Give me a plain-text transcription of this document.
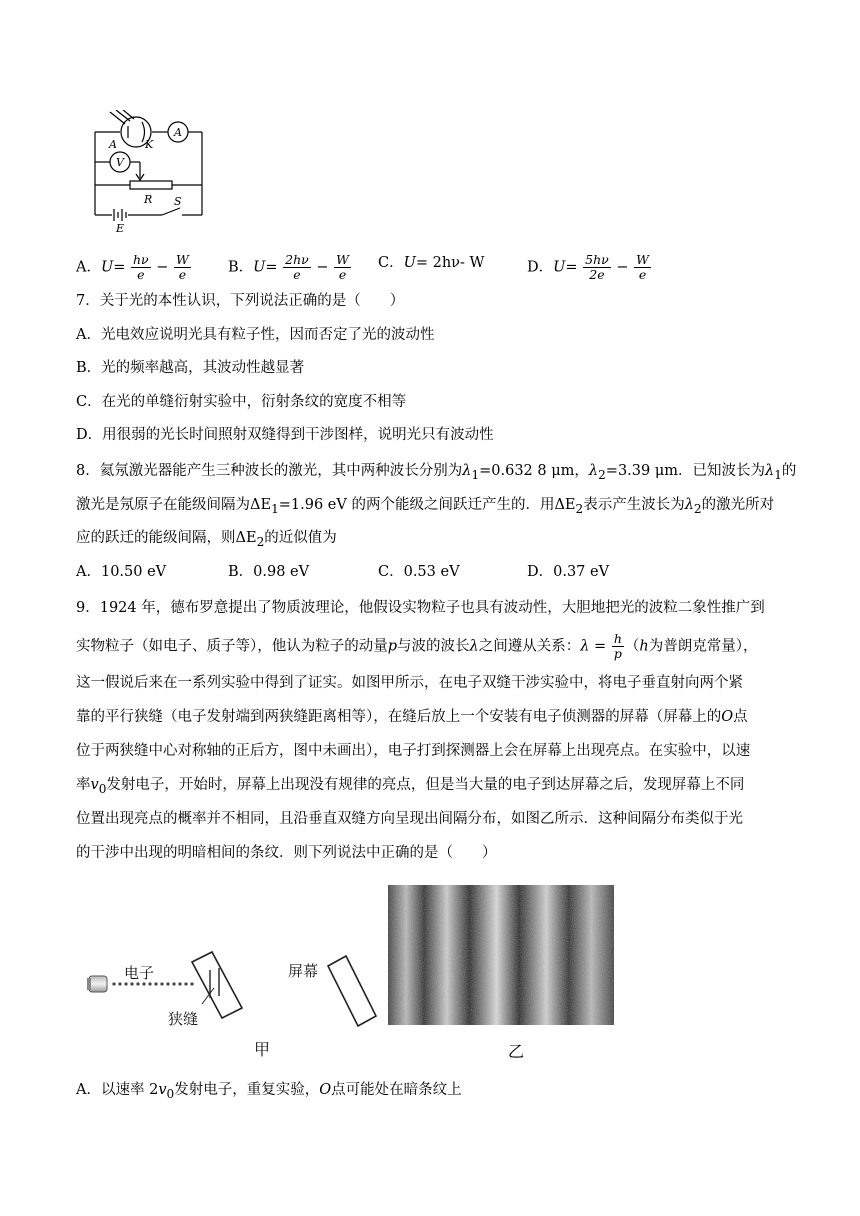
A
V
A	K
R S
E
A．$U= \frac{h\nu}{e} - \frac{W}{e}$	B．$U= \frac{2h\nu}{e} - \frac{W}{e}$ C．U= 2hν- W	D．$U= \frac{5h\nu}{2e} - \frac{W}{e}$
7．关于光的本性认识，下列说法正确的是（　　）
A．光电效应说明光具有粒子性，因而否定了光的波动性
B．光的频率越高，其波动性越显著
C．在光的单缝衍射实验中，衍射条纹的宽度不相等
D．用很弱的光长时间照射双缝得到干涉图样，说明光只有波动性
8．氦氖激光器能产生三种波长的激光，其中两种波长分别为$\lambda_1=0.632$ 8 μm，$\lambda_2=3.39$ μm．已知波长为$\lambda_1$的
激光是氖原子在能级间隔为$\Delta E_1=1.96$ eV 的两个能级之间跃迁产生的．用$\Delta E_2$表示产生波长为$\lambda_2$的激光所对
应的跃迁的能级间隔，则$\Delta E_2$的近似值为
A．10.50 eV	B．0.98 eV	C．0.53 eV	D．0.37 eV
9．1924 年，德布罗意提出了物质波理论，他假设实物粒子也具有波动性，大胆地把光的波粒二象性推广到
实物粒子（如电子、质子等），他认为粒子的动量p与波的波长λ之间遵从关系：$\lambda = \frac{h}{p} (h$为普朗克常量），
这一假说后来在一系列实验中得到了证实。如图甲所示，在电子双缝干涉实验中，将电子垂直射向两个紧
靠的平行狭缝（电子发射端到两狭缝距离相等），在缝后放上一个安装有电子侦测器的屏幕（屏幕上的O点
位于两狭缝中心对称轴的正后方，图中未画出），电子打到探测器上会在屏幕上出现亮点。在实验中，以速
率$v_0$发射电子，开始时，屏幕上出现没有规律的亮点，但是当大量的电子到达屏幕之后，发现屏幕上不同
位置出现亮点的概率并不相同，且沿垂直双缝方向呈现出间隔分布，如图乙所示．这种间隔分布类似于光
的干涉中出现的明暗相间的条纹．则下列说法中正确的是（　　）
电子
狭缝
屏幕
甲	乙
A．以速率 $2v_0$发射电子，重复实验，O点可能处在暗条纹上
